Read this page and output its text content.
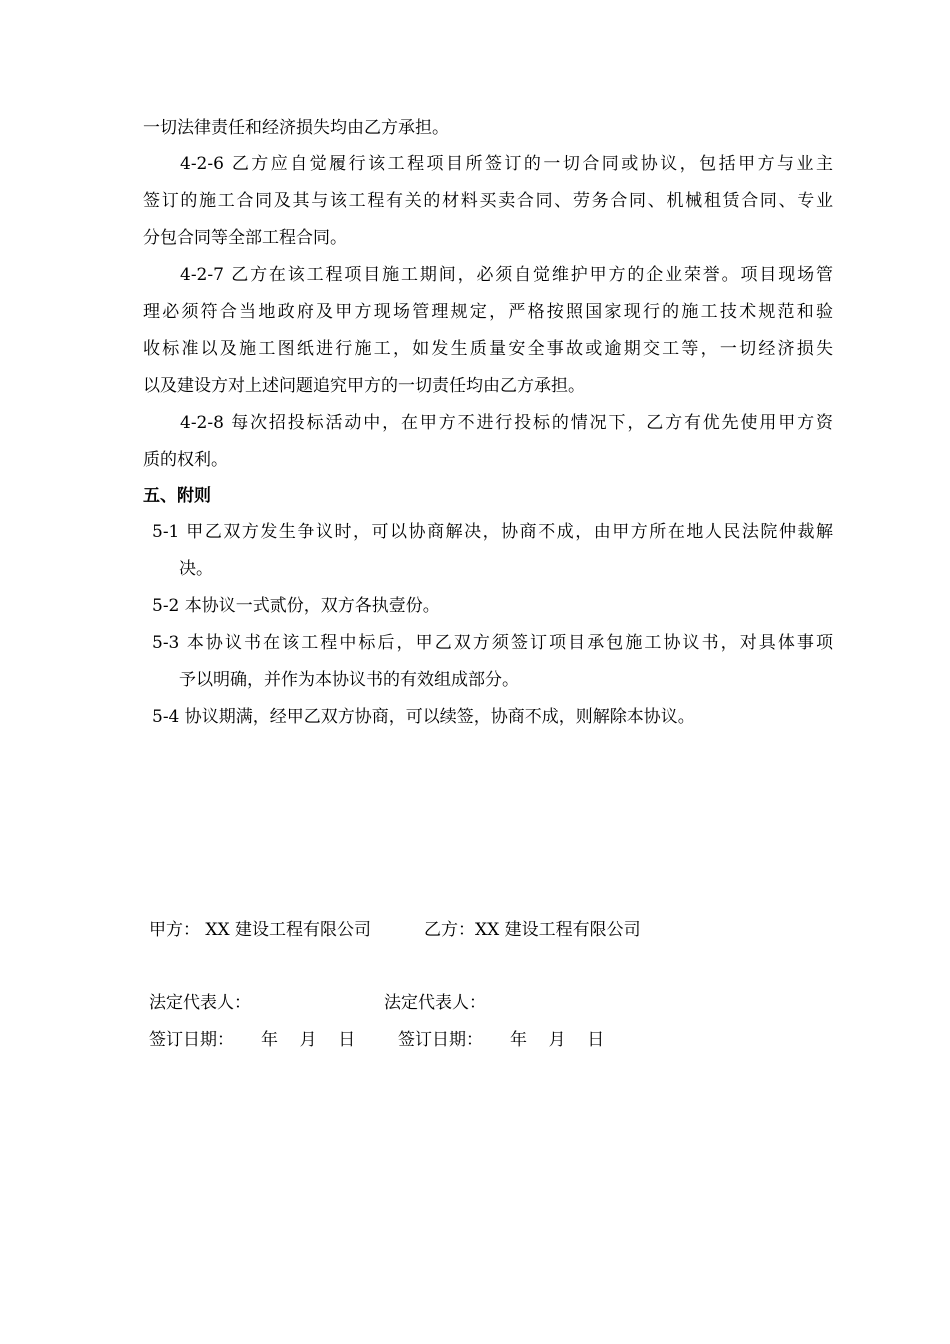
一切法律责任和经济损失均由乙方承担。
4-2-6 乙方应自觉履行该工程项目所签订的一切合同或协议，包括甲方与业主
签订的施工合同及其与该工程有关的材料买卖合同、劳务合同、机械租赁合同、专业
分包合同等全部工程合同。
4-2-7 乙方在该工程项目施工期间，必须自觉维护甲方的企业荣誉。项目现场管
理必须符合当地政府及甲方现场管理规定，严格按照国家现行的施工技术规范和验
收标准以及施工图纸进行施工，如发生质量安全事故或逾期交工等，一切经济损失
以及建设方对上述问题追究甲方的一切责任均由乙方承担。
4-2-8 每次招投标活动中，在甲方不进行投标的情况下，乙方有优先使用甲方资
质的权利。
五、附则
5-1 甲乙双方发生争议时，可以协商解决，协商不成，由甲方所在地人民法院仲裁解
决。
5-2 本协议一式贰份，双方各执壹份。
5-3 本协议书在该工程中标后，甲乙双方须签订项目承包施工协议书，对具体事项
予以明确，并作为本协议书的有效组成部分。
5-4 协议期满，经甲乙双方协商，可以续签，协商不成，则解除本协议。
甲方： XX 建设工程有限公司	乙方：XX 建设工程有限公司
法定代表人：	法定代表人：
签订日期：     年    月    日	签订日期：     年    月    日
